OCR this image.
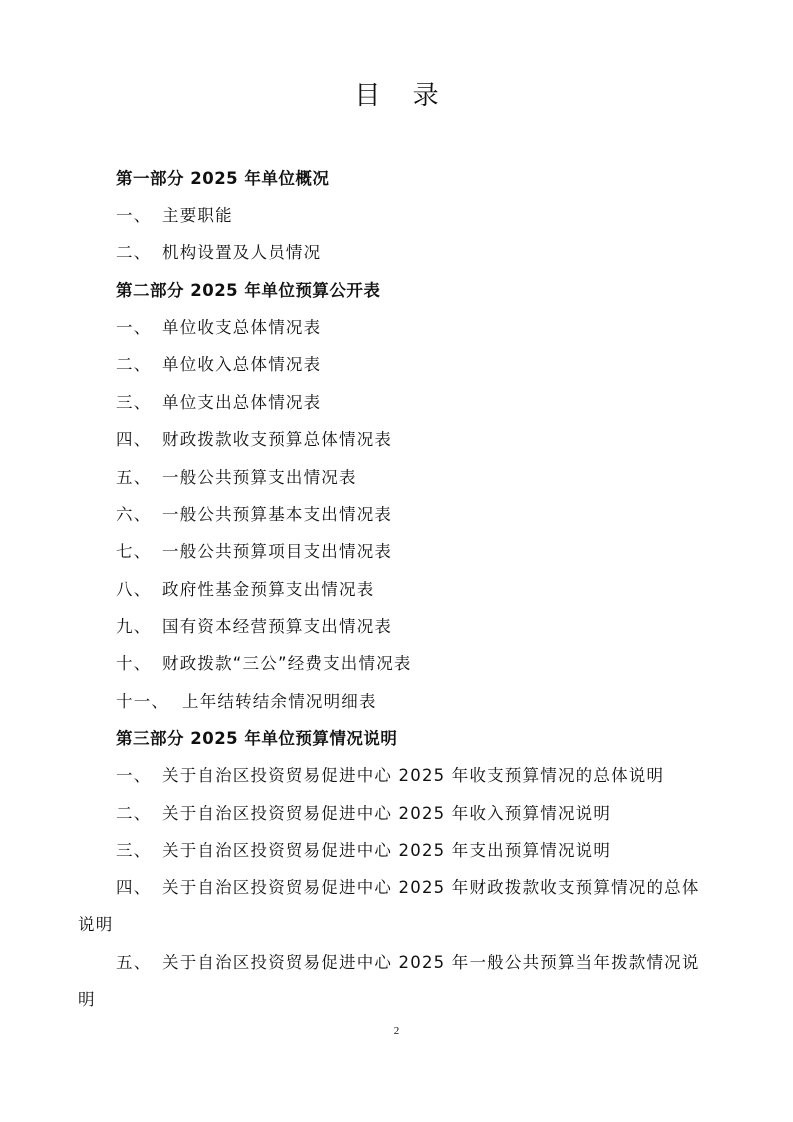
目 录
第一部分 2025 年单位概况
一、 主要职能
二、 机构设置及人员情况
第二部分 2025 年单位预算公开表
一、 单位收支总体情况表
二、 单位收入总体情况表
三、 单位支出总体情况表
四、 财政拨款收支预算总体情况表
五、 一般公共预算支出情况表
六、 一般公共预算基本支出情况表
七、 一般公共预算项目支出情况表
八、 政府性基金预算支出情况表
九、 国有资本经营预算支出情况表
十、 财政拨款“三公”经费支出情况表
十一、 上年结转结余情况明细表
第三部分 2025 年单位预算情况说明
一、 关于自治区投资贸易促进中心 2025 年收支预算情况的总体说明
二、 关于自治区投资贸易促进中心 2025 年收入预算情况说明
三、 关于自治区投资贸易促进中心 2025 年支出预算情况说明
四、 关于自治区投资贸易促进中心 2025 年财政拨款收支预算情况的总体
说明
五、 关于自治区投资贸易促进中心 2025 年一般公共预算当年拨款情况说
明
2
